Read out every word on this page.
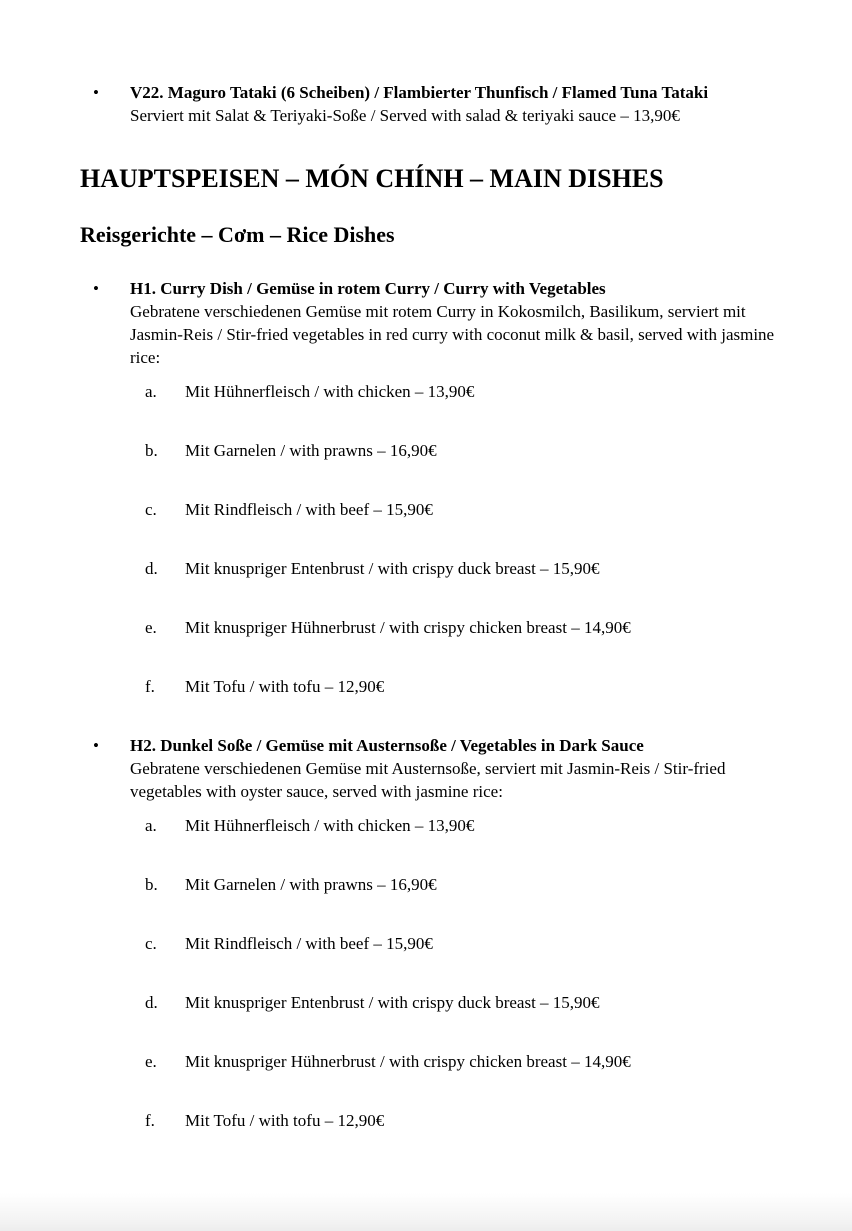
•	V22. Maguro Tataki (6 Scheiben) / Flambierter Thunfisch / Flamed Tuna Tataki
Serviert mit Salat & Teriyaki-Soße / Served with salad & teriyaki sauce – 13,90€
HAUPTSPEISEN – MÓN CHÍNH – MAIN DISHES
Reisgerichte – Cơm – Rice Dishes
•	H1. Curry Dish / Gemüse in rotem Curry / Curry with Vegetables
Gebratene verschiedenen Gemüse mit rotem Curry in Kokosmilch, Basilikum, serviert mit Jasmin-Reis / Stir-fried vegetables in red curry with coconut milk & basil, served with jasmine rice:
a.	Mit Hühnerfleisch / with chicken – 13,90€
b.	Mit Garnelen / with prawns – 16,90€
c.	Mit Rindfleisch / with beef – 15,90€
d.	Mit knuspriger Entenbrust / with crispy duck breast – 15,90€
e.	Mit knuspriger Hühnerbrust / with crispy chicken breast – 14,90€
f.	Mit Tofu / with tofu – 12,90€
•	H2. Dunkel Soße / Gemüse mit Austernsoße / Vegetables in Dark Sauce
Gebratene verschiedenen Gemüse mit Austernsoße, serviert mit Jasmin-Reis / Stir-fried vegetables with oyster sauce, served with jasmine rice:
a.	Mit Hühnerfleisch / with chicken – 13,90€
b.	Mit Garnelen / with prawns – 16,90€
c.	Mit Rindfleisch / with beef – 15,90€
d.	Mit knuspriger Entenbrust / with crispy duck breast – 15,90€
e.	Mit knuspriger Hühnerbrust / with crispy chicken breast – 14,90€
f.	Mit Tofu / with tofu – 12,90€
